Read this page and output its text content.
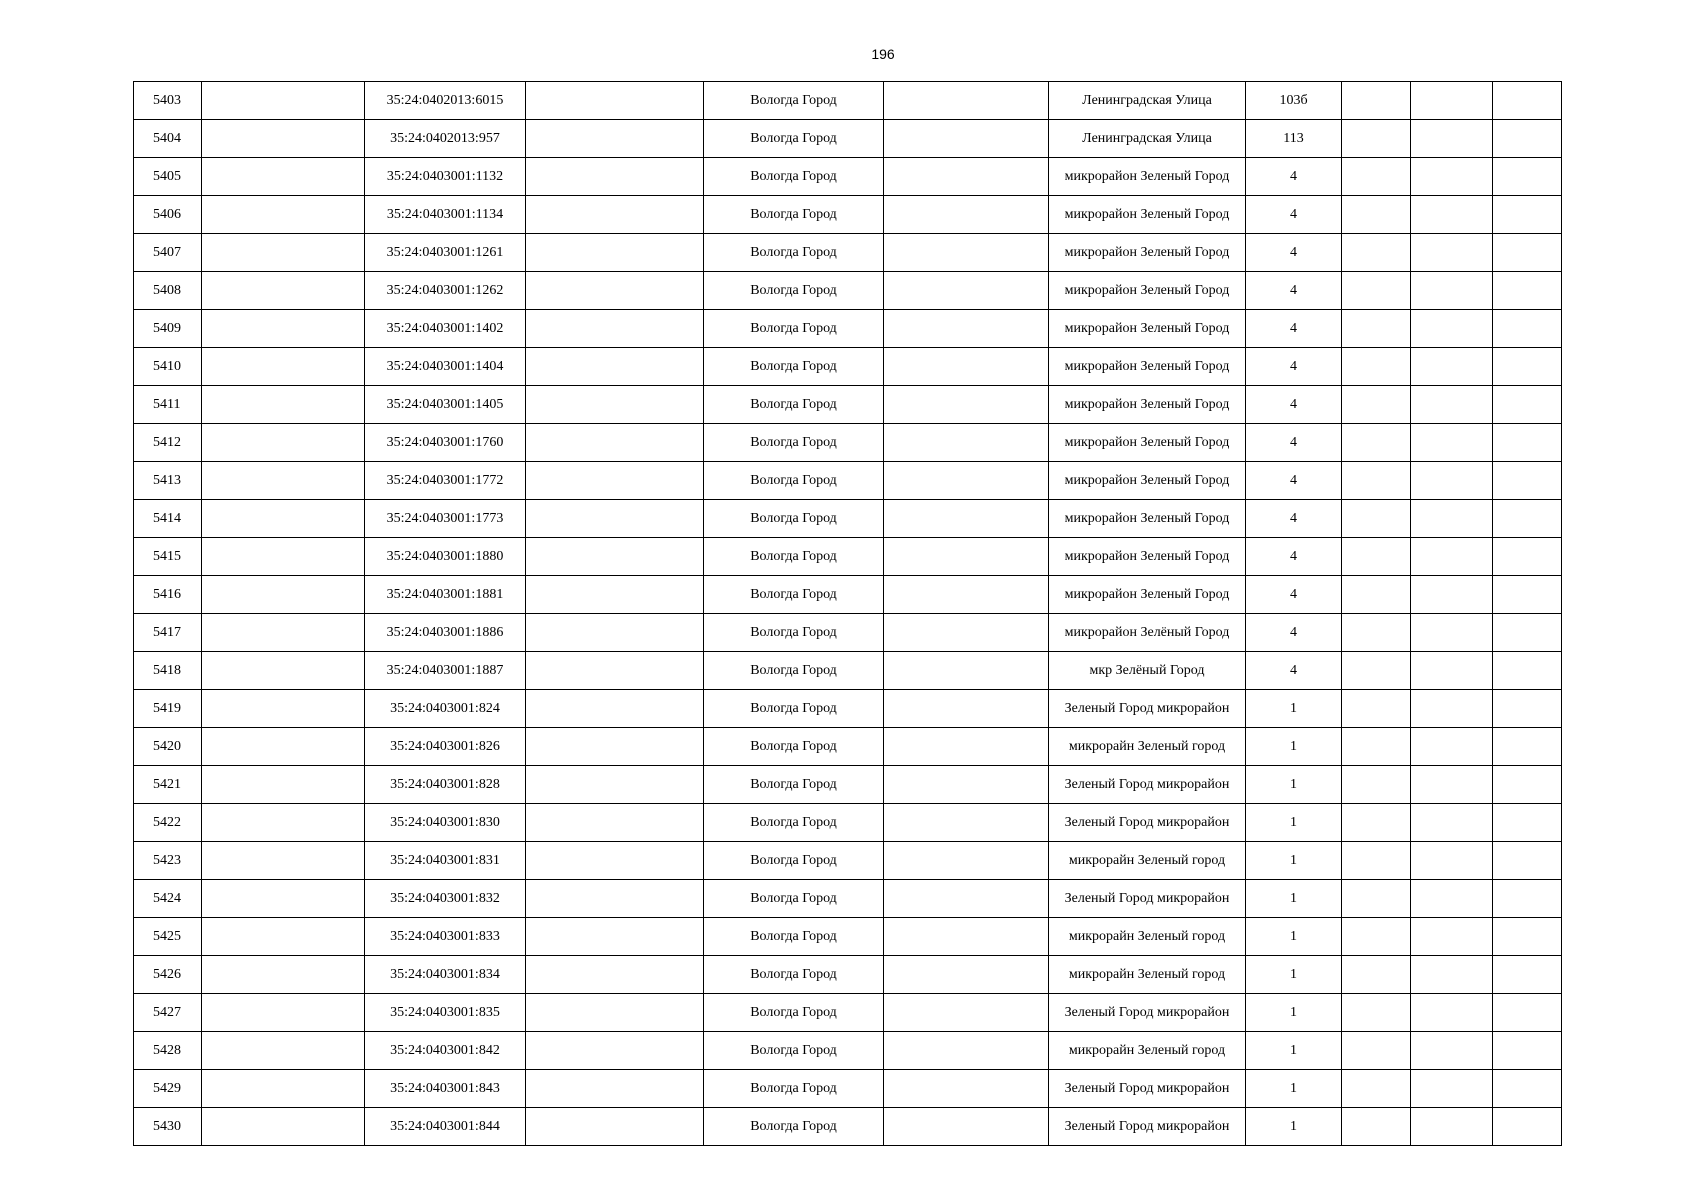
196
5403		35:24:0402013:6015		Вологда Город		Ленинградская Улица	103б			
5404		35:24:0402013:957		Вологда Город		Ленинградская Улица	113			
5405		35:24:0403001:1132		Вологда Город		микрорайон Зеленый Город	4			
5406		35:24:0403001:1134		Вологда Город		микрорайон Зеленый Город	4			
5407		35:24:0403001:1261		Вологда Город		микрорайон Зеленый Город	4			
5408		35:24:0403001:1262		Вологда Город		микрорайон Зеленый Город	4			
5409		35:24:0403001:1402		Вологда Город		микрорайон Зеленый Город	4			
5410		35:24:0403001:1404		Вологда Город		микрорайон Зеленый Город	4			
5411		35:24:0403001:1405		Вологда Город		микрорайон Зеленый Город	4			
5412		35:24:0403001:1760		Вологда Город		микрорайон Зеленый Город	4			
5413		35:24:0403001:1772		Вологда Город		микрорайон Зеленый Город	4			
5414		35:24:0403001:1773		Вологда Город		микрорайон Зеленый Город	4			
5415		35:24:0403001:1880		Вологда Город		микрорайон Зеленый Город	4			
5416		35:24:0403001:1881		Вологда Город		микрорайон Зеленый Город	4			
5417		35:24:0403001:1886		Вологда Город		микрорайон Зелёный Город	4			
5418		35:24:0403001:1887		Вологда Город		мкр Зелёный Город	4			
5419		35:24:0403001:824		Вологда Город		Зеленый Город микрорайон	1			
5420		35:24:0403001:826		Вологда Город		микрорайн Зеленый город	1			
5421		35:24:0403001:828		Вологда Город		Зеленый Город микрорайон	1			
5422		35:24:0403001:830		Вологда Город		Зеленый Город микрорайон	1			
5423		35:24:0403001:831		Вологда Город		микрорайн Зеленый город	1			
5424		35:24:0403001:832		Вологда Город		Зеленый Город микрорайон	1			
5425		35:24:0403001:833		Вологда Город		микрорайн Зеленый город	1			
5426		35:24:0403001:834		Вологда Город		микрорайн Зеленый город	1			
5427		35:24:0403001:835		Вологда Город		Зеленый Город микрорайон	1			
5428		35:24:0403001:842		Вологда Город		микрорайн Зеленый город	1			
5429		35:24:0403001:843		Вологда Город		Зеленый Город микрорайон	1			
5430		35:24:0403001:844		Вологда Город		Зеленый Город микрорайон	1			
